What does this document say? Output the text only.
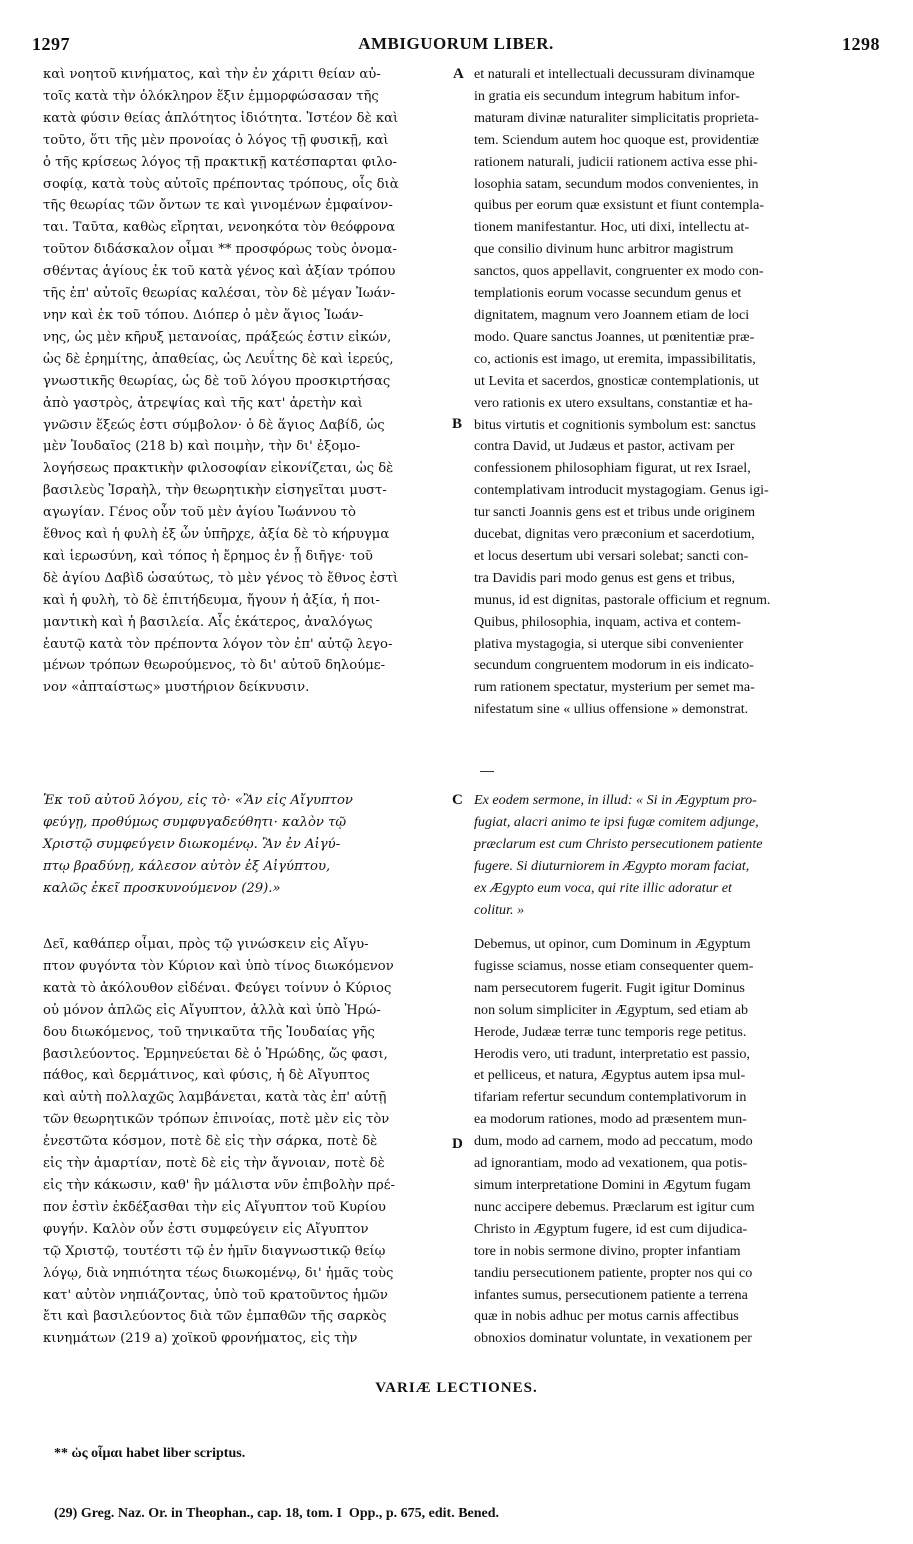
1297	AMBIGUORUM LIBER.	1298
καὶ νοητοῦ κινήματος, καὶ τὴν ἐν χάριτι θείαν αὐ-
τοῖς κατὰ τὴν ὁλόκληρον ἕξιν ἐμμορφώσασαν τῆς
κατὰ φύσιν θείας ἁπλότητος ἰδιότητα. Ἰστέον δὲ καὶ
τοῦτο, ὅτι τῆς μὲν προνοίας ὁ λόγος τῇ φυσικῇ, καὶ
ὁ τῆς κρίσεως λόγος τῇ πρακτικῇ κατέσπαρται φιλο-
σοφίᾳ, κατὰ τοὺς αὐτοῖς πρέποντας τρόπους, οἷς διὰ
τῆς θεωρίας τῶν ὄντων τε καὶ γινομένων ἐμφαίνον-
ται. Ταῦτα, καθὼς εἴρηται, νενοηκότα τὸν θεόφρονα
τοῦτον διδάσκαλον οἶμαι ** προσφόρως τοὺς ὀνομα-
σθέντας ἁγίους ἐκ τοῦ κατὰ γένος καὶ ἀξίαν τρόπου
τῆς ἐπ' αὐτοῖς θεωρίας καλέσαι, τὸν δὲ μέγαν Ἰωάν-
νην καὶ ἐκ τοῦ τόπου. Διόπερ ὁ μὲν ἅγιος Ἰωάν-
νης, ὡς μὲν κῆρυξ μετανοίας, πράξεώς ἐστιν εἰκών,
ὡς δὲ ἐρημίτης, ἀπαθείας, ὡς Λευΐτης δὲ καὶ ἱερεύς,
γνωστικῆς θεωρίας, ὡς δὲ τοῦ λόγου προσκιρτήσας
ἀπὸ γαστρὸς, ἀτρεψίας καὶ τῆς κατ' ἀρετὴν καὶ
γνῶσιν ἕξεώς ἐστι σύμβολον· ὁ δὲ ἅγιος Δαβίδ, ὡς
μὲν Ἰουδαῖος (218 b) καὶ ποιμὴν, τὴν δι' ἐξομο-
λογήσεως πρακτικὴν φιλοσοφίαν εἰκονίζεται, ὡς δὲ
βασιλεὺς Ἰσραὴλ, τὴν θεωρητικὴν εἰσηγεῖται μυστ-
αγωγίαν. Γένος οὖν τοῦ μὲν ἁγίου Ἰωάννου τὸ
ἔθνος καὶ ἡ φυλὴ ἐξ ὧν ὑπῆρχε, ἀξία δὲ τὸ κήρυγμα
καὶ ἱερωσύνη, καὶ τόπος ἡ ἔρημος ἐν ᾗ διῆγε· τοῦ
δὲ ἁγίου Δαβὶδ ὡσαύτως, τὸ μὲν γένος τὸ ἔθνος ἐστὶ
καὶ ἡ φυλὴ, τὸ δὲ ἐπιτήδευμα, ἤγουν ἡ ἀξία, ἡ ποι-
μαντικὴ καὶ ἡ βασιλεία. Αἷς ἑκάτερος, ἀναλόγως
ἑαυτῷ κατὰ τὸν πρέποντα λόγον τὸν ἐπ' αὐτῷ λεγο-
μένων τρόπων θεωρούμενος, τὸ δι' αὐτοῦ δηλούμε-
νον «ἀπταίστως» μυστήριον δείκνυσιν.
et naturali et intellectuali decussuram divinamque
in gratia eis secundum integrum habitum infor-
maturam divinæ naturaliter simplicitatis proprieta-
tem. Sciendum autem hoc quoque est, providentiæ
rationem naturali, judicii rationem activa esse phi-
losophia satam, secundum modos convenientes, in
quibus per eorum quæ exsistunt et fiunt contempla-
tionem manifestantur. Hoc, uti dixi, intellectu at-
que consilio divinum hunc arbitror magistrum
sanctos, quos appellavit, congruenter ex modo con-
templationis eorum vocasse secundum genus et
dignitatem, magnum vero Joannem etiam de loci
modo. Quare sanctus Joannes, ut pœnitentiæ præ-
co, actionis est imago, ut eremita, impassibilitatis,
ut Levita et sacerdos, gnosticæ contemplationis, ut
vero rationis ex utero exsultans, constantiæ et ha-
bitus virtutis et cognitionis symbolum est: sanctus
contra David, ut Judæus et pastor, activam per
confessionem philosophiam figurat, ut rex Israel,
contemplativam introducit mystagogiam. Genus igi-
tur sancti Joannis gens est et tribus unde originem
ducebat, dignitas vero præconium et sacerdotium,
et locus desertum ubi versari solebat; sancti con-
tra Davidis pari modo genus est gens et tribus,
munus, id est dignitas, pastorale officium et regnum.
Quibus, philosophia, inquam, activa et contem-
plativa mystagogia, si uterque sibi convenienter
secundum congruentem modorum in eis indicato-
rum rationem spectatur, mysterium per semet ma-
nifestatum sine « ullius offensione » demonstrat.
Ἐκ τοῦ αὐτοῦ λόγου, εἰς τὸ· «Ἂν εἰς Αἴγυπτον
φεύγῃ, προθύμως συμφυγαδεύθητι· καλὸν τῷ
Χριστῷ συμφεύγειν διωκομένῳ. Ἂν ἐν Αἰγύ-
πτῳ βραδύνῃ, κάλεσον αὐτὸν ἐξ Αἰγύπτου,
καλῶς ἐκεῖ προσκυνούμενον (29).»
Ex eodem sermone, in illud: « Si in Ægyptum pro-
fugiat, alacri animo te ipsi fugæ comitem adjunge,
præclarum est cum Christo persecutionem patiente
fugere. Si diuturniorem in Ægypto moram faciat,
ex Ægypto eum voca, qui rite illic adoratur et
colitur. »
Δεῖ, καθάπερ οἶμαι, πρὸς τῷ γινώσκειν εἰς Αἴγυ-
πτον φυγόντα τὸν Κύριον καὶ ὑπὸ τίνος διωκόμενον
κατὰ τὸ ἀκόλουθον εἰδέναι. Φεύγει τοίνυν ὁ Κύριος
οὐ μόνον ἁπλῶς εἰς Αἴγυπτον, ἀλλὰ καὶ ὑπὸ Ἡρώ-
δου διωκόμενος, τοῦ τηνικαῦτα τῆς Ἰουδαίας γῆς
βασιλεύοντος. Ἑρμηνεύεται δὲ ὁ Ἡρώδης, ὥς φασι,
πάθος, καὶ δερμάτινος, καὶ φύσις, ἡ δὲ Αἴγυπτος
καὶ αὐτὴ πολλαχῶς λαμβάνεται, κατὰ τὰς ἐπ' αὐτῇ
τῶν θεωρητικῶν τρόπων ἐπινοίας, ποτὲ μὲν εἰς τὸν
ἐνεστῶτα κόσμον, ποτὲ δὲ εἰς τὴν σάρκα, ποτὲ δὲ
εἰς τὴν ἁμαρτίαν, ποτὲ δὲ εἰς τὴν ἄγνοιαν, ποτὲ δὲ
εἰς τὴν κάκωσιν, καθ' ἣν μάλιστα νῦν ἐπιβολὴν πρέ-
πον ἐστὶν ἐκδέξασθαι τὴν εἰς Αἴγυπτον τοῦ Κυρίου
φυγήν. Καλὸν οὖν ἐστι συμφεύγειν εἰς Αἴγυπτον
τῷ Χριστῷ, τουτέστι τῷ ἐν ἡμῖν διαγνωστικῷ θείῳ
λόγῳ, διὰ νηπιότητα τέως διωκομένῳ, δι' ἡμᾶς τοὺς
κατ' αὐτὸν νηπιάζοντας, ὑπὸ τοῦ κρατοῦντος ἡμῶν
ἔτι καὶ βασιλεύοντος διὰ τῶν ἐμπαθῶν τῆς σαρκὸς
κινημάτων (219 a) χοϊκοῦ φρονήματος, εἰς τὴν
Debemus, ut opinor, cum Dominum in Ægyptum
fugisse sciamus, nosse etiam consequenter quem-
nam persecutorem fugerit. Fugit igitur Dominus
non solum simpliciter in Ægyptum, sed etiam ab
Herode, Judææ terræ tunc temporis rege petitus.
Herodis vero, uti tradunt, interpretatio est passio,
et pelliceus, et natura, Ægyptus autem ipsa mul-
tifariam refertur secundum contemplativorum in
ea modorum rationes, modo ad præsentem mun-
dum, modo ad carnem, modo ad peccatum, modo
ad ignorantiam, modo ad vexationem, qua potis-
simum interpretatione Domini in Ægytum fugam
nunc accipere debemus. Præclarum est igitur cum
Christo in Ægyptum fugere, id est cum dijudica-
tore in nobis sermone divino, propter infantiam
tandiu persecutionem patiente, propter nos qui co
infantes sumus, persecutionem patiente a terrena
quæ in nobis adhuc per motus carnis affectibus
obnoxios dominatur voluntate, in vexationem per
A
B
C
D
VARIÆ LECTIONES.

** ὡς οἶμαι habet liber scriptus.

(29) Greg. Naz. Or. in Theophan., cap. 18, tom. I  Opp., p. 675, edit. Bened.
